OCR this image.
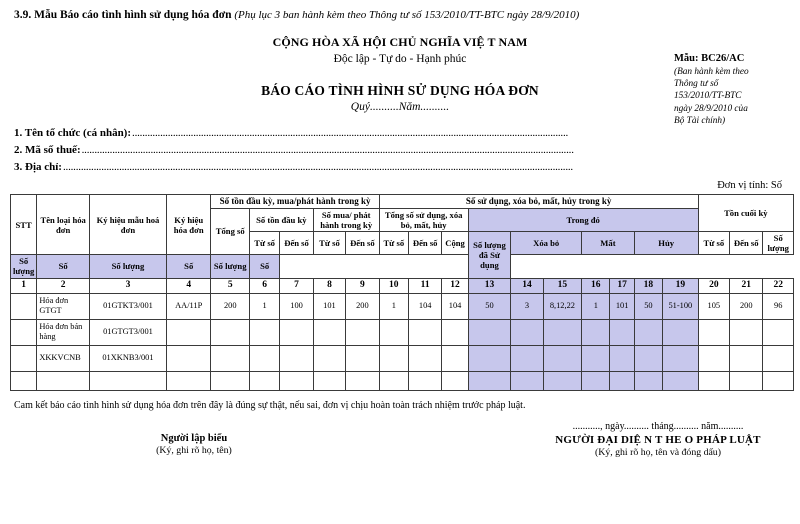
3.9. Mẫu Báo cáo tình hình sử dụng hóa đơn (Phụ lục 3 ban hành kèm theo Thông tư số 153/2010/TT-BTC ngày 28/9/2010)
Mẫu: BC26/AC
(Ban hành kèm theo
Thông tư số
153/2010/TT-BTC
ngày 28/9/2010 của
Bộ Tài chính)
CỘNG HÒA XÃ HỘI CHỦ NGHĨA VIỆ T NAM
Độc lập - Tự do - Hạnh phúc
BÁO CÁO TÌNH HÌNH SỬ DỤNG HÓA ĐƠN
Quý..........Năm..........
1. Tên tổ chức (cá nhân): ...........................................................................................................................................................................
2. Mã số thuế: .................................................................................................................................................................................................
3. Địa chỉ: ........................................................................................................................................................................................................
Đơn vị tính: Số
STT	Tên loại hóa đơn	Ký hiệu mẫu hoá đơn	Ký hiệu hóa đơn	Số tồn đầu kỳ, mua/phát hành trong kỳ					Số sử dụng, xóa bỏ, mất, hủy trong kỳ										Tồn cuối kỳ		
				Tổng số	Số tồn đầu kỳ		Số mua/ phát hành trong kỳ		Tổng số sử dụng, xóa bỏ, mất, hủy			Trong đó									
					Từ số	Đến số	Từ số	Đến số											Từ số	Đến số	Số lượng
									Từ số	Đến số	Cộng	Số lượng đã Sử dụng	Xóa bỏ		Mất		Hủy				
Số lượng	Số	Số lượng	Số	Số lượng	Số																
1	2	3	4	5	6	7	8	9	10	11	12	13	14	15	16	17	18	19	20	21	22
	Hóa đơn GTGT	01GTKT3/001	AA/11P	200	1	100	101	200	1	104	104	50	3	8,12,22	1	101	50	51-100	105	200	96
	Hóa đơn bán hàng	01GTGT3/001																			
	XKKVCNB	01XKNB3/001																			

Cam kết báo cáo tình hình sử dụng hóa đơn trên đây là đúng sự thật, nếu sai, đơn vị chịu hoàn toàn trách nhiệm trước pháp luật.
Người lập biểu
(Ký, ghi rõ họ, tên)
..........., ngày.......... tháng.......... năm..........
NGƯỜI ĐẠI DIỆ N T HE O PHÁP LUẬT
(Ký, ghi rõ họ, tên và đóng dấu)
